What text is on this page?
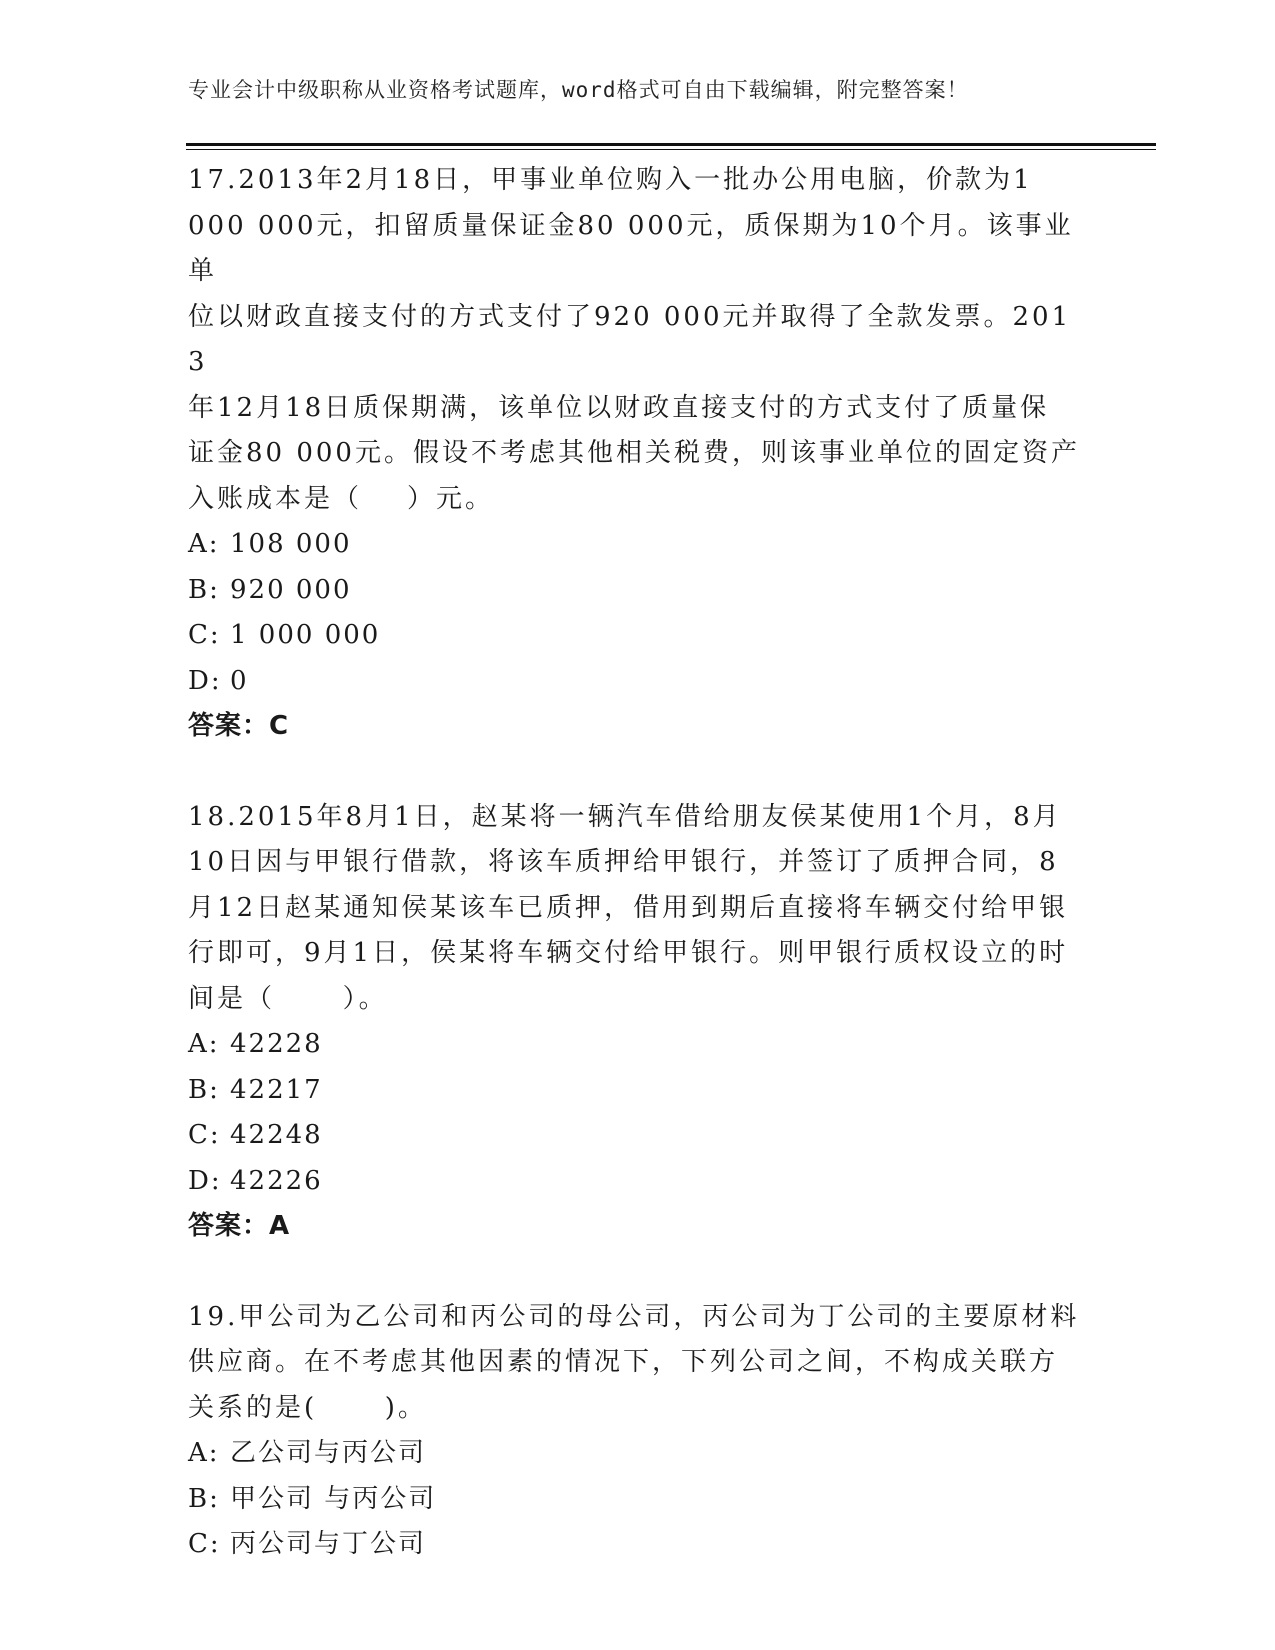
专业会计中级职称从业资格考试题库，word格式可自由下载编辑，附完整答案！

17.2013年2月18日，甲事业单位购入一批办公用电脑，价款为1

000 000元，扣留质量保证金80 000元，质保期为10个月。该事业单

位以财政直接支付的方式支付了920 000元并取得了全款发票。2013

年12月18日质保期满，该单位以财政直接支付的方式支付了质量保

证金80 000元。假设不考虑其他相关税费，则该事业单位的固定资产

入账成本是（    ）元。

A: 108 000

B: 920 000

C: 1 000 000

D: 0

答案：C

18.2015年8月1日，赵某将一辆汽车借给朋友侯某使用1个月，8月

10日因与甲银行借款，将该车质押给甲银行，并签订了质押合同，8

月12日赵某通知侯某该车已质押，借用到期后直接将车辆交付给甲银

行即可，9月1日，侯某将车辆交付给甲银行。则甲银行质权设立的时

间是（      ）。

A: 42228

B: 42217

C: 42248

D: 42226

答案：A

19.甲公司为乙公司和丙公司的母公司，丙公司为丁公司的主要原材料

供应商。在不考虑其他因素的情况下，下列公司之间，不构成关联方

关系的是(      )。

A: 乙公司与丙公司

B: 甲公司 与丙公司

C: 丙公司与丁公司
